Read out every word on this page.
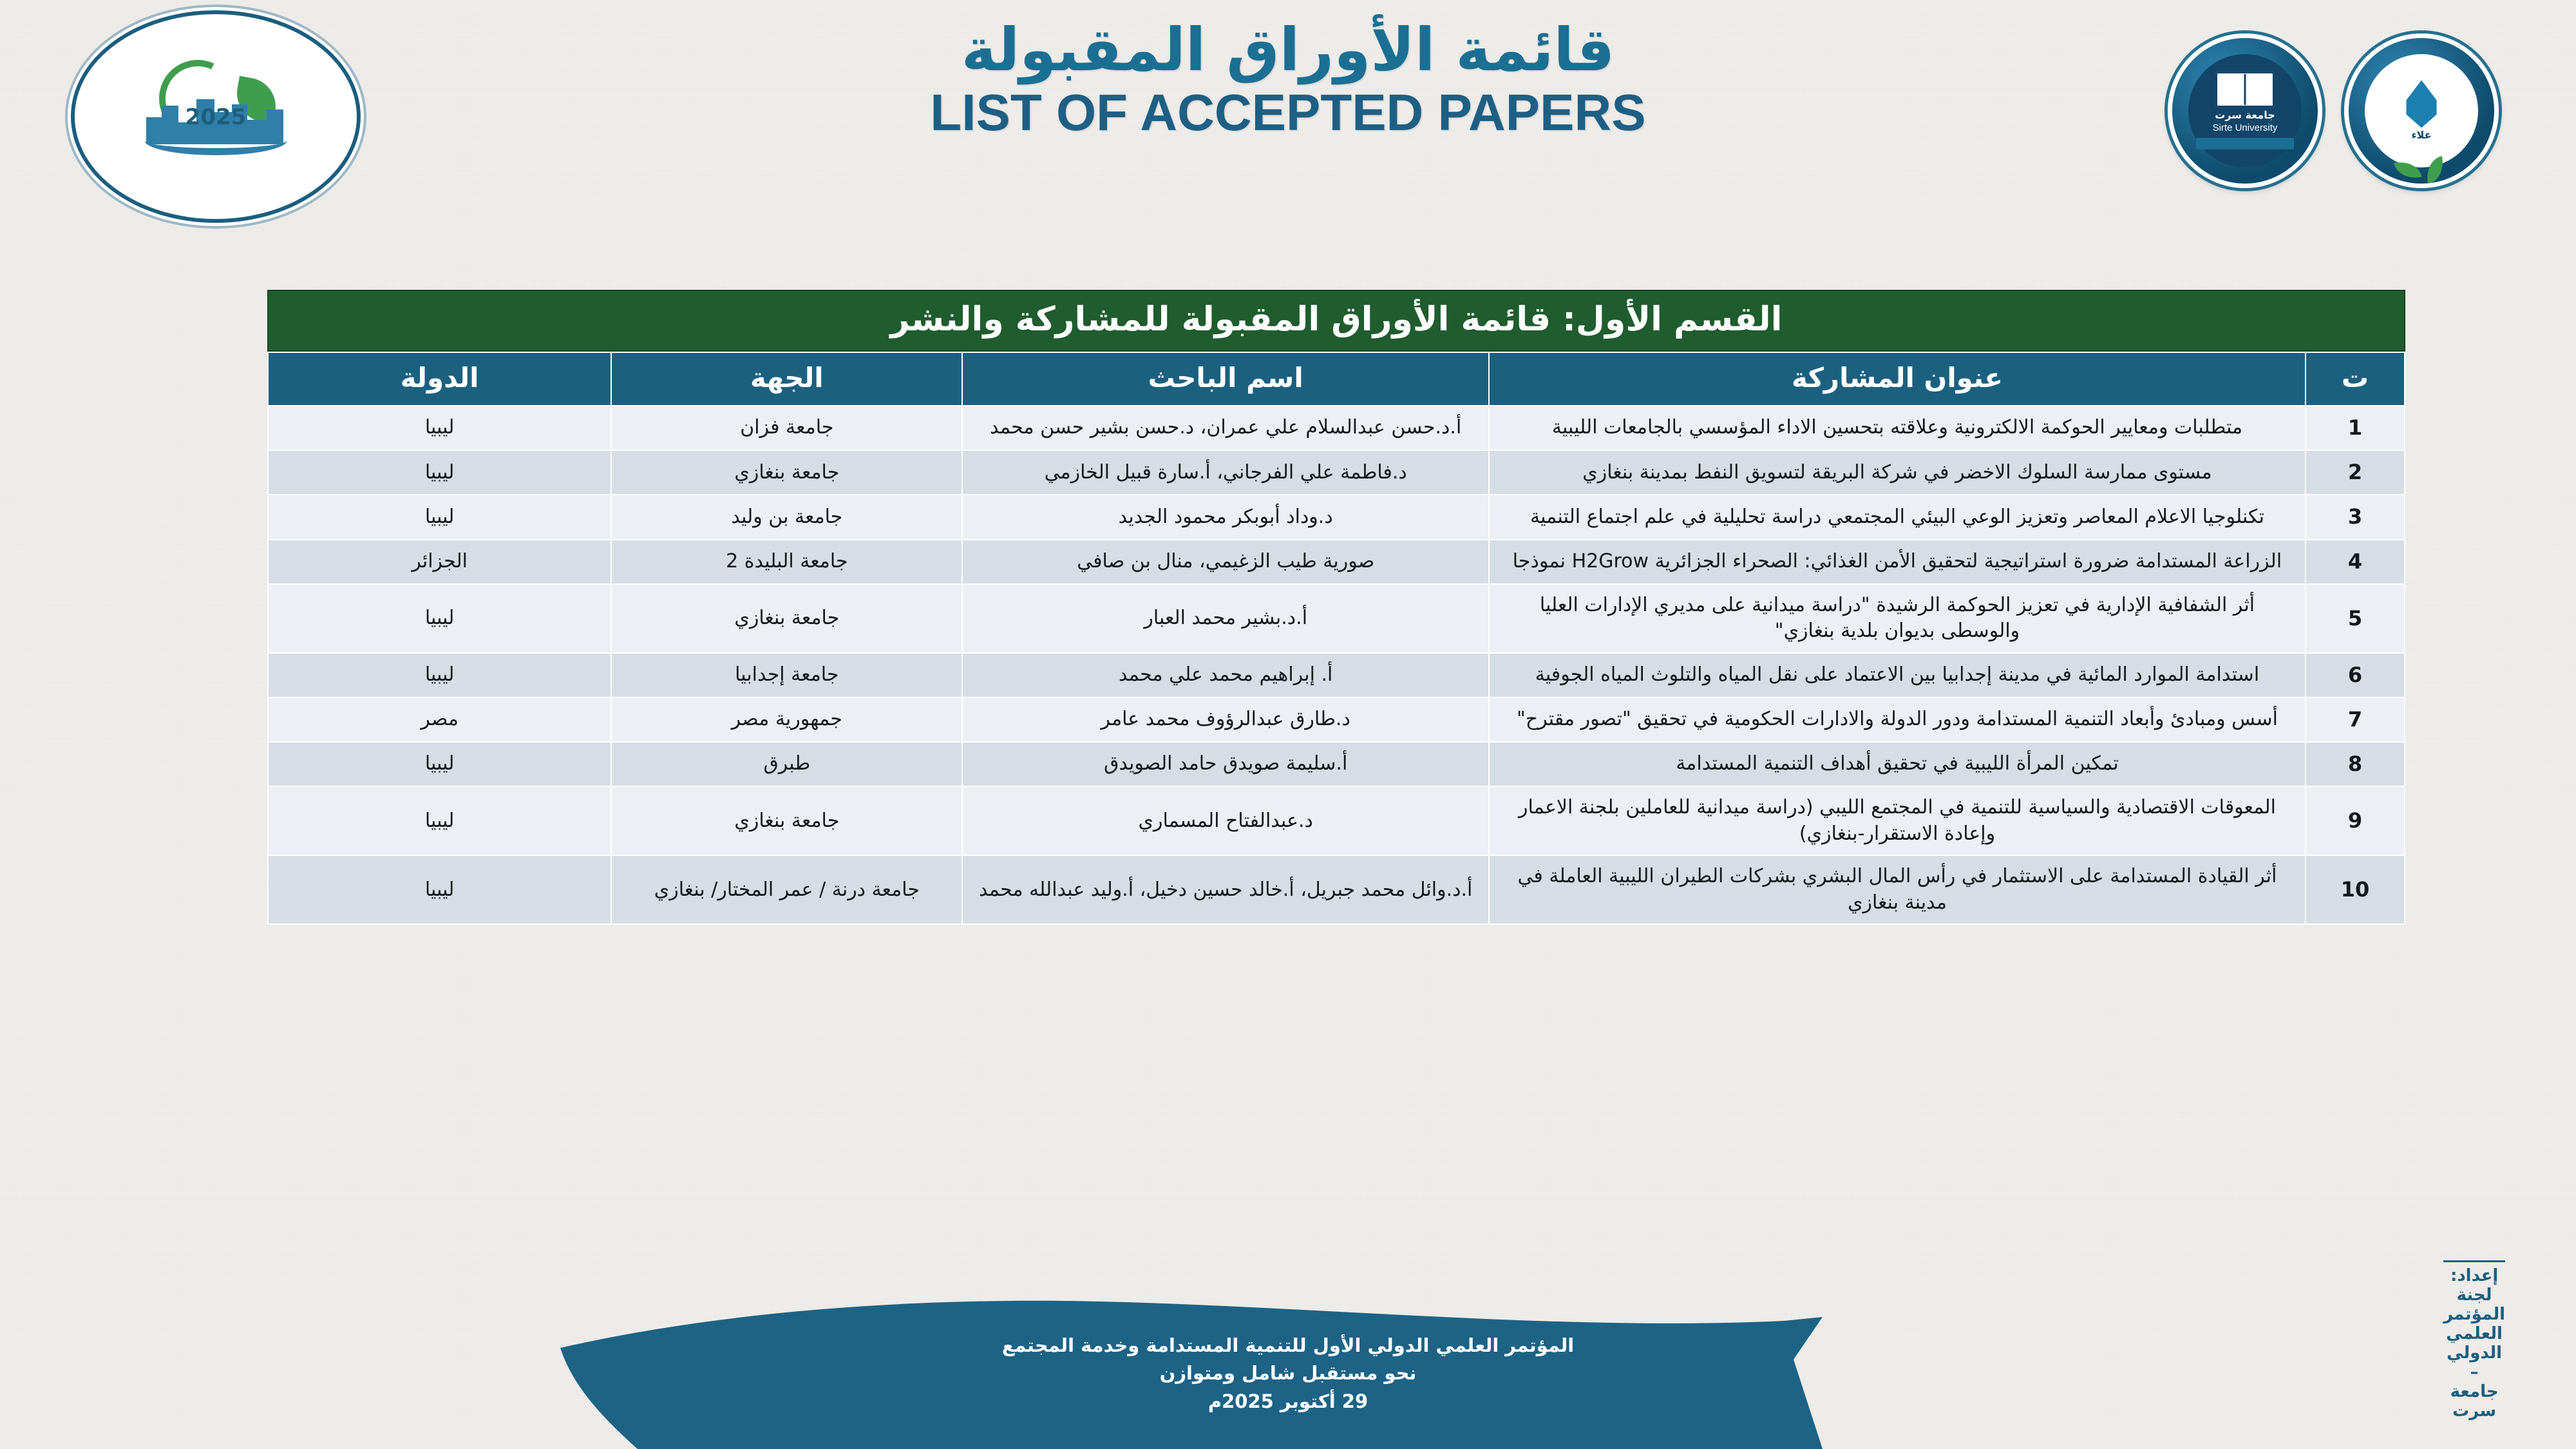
2025
قائمة الأوراق المقبولة
LIST OF ACCEPTED PAPERS	علاء
جامعة سرت
Sirte University
القسم الأول: قائمة الأوراق المقبولة للمشاركة والنشر
ت	عنوان المشاركة	اسم الباحث	الجهة	الدولة
1	متطلبات ومعايير الحوكمة الالكترونية وعلاقته بتحسين الاداء المؤسسي بالجامعات الليبية	أ.د.حسن عبدالسلام علي عمران، د.حسن بشير حسن محمد	جامعة فزان	ليبيا
2	مستوى ممارسة السلوك الاخضر في شركة البريقة لتسويق النفط بمدينة بنغازي	د.فاطمة علي الفرجاني، أ.سارة قبيل الخازمي	جامعة بنغازي	ليبيا
3	تكنلوجيا الاعلام المعاصر وتعزيز الوعي البيئي المجتمعي دراسة تحليلية في علم اجتماع التنمية	د.وداد أبوبكر محمود الجديد	جامعة بن وليد	ليبيا
4	الزراعة المستدامة ضرورة استراتيجية لتحقيق الأمن الغذائي: الصحراء الجزائرية H2Grow نموذجا	صورية طيب الزغيمي، منال بن صافي	جامعة البليدة 2	الجزائر
5	أثر الشفافية الإدارية في تعزيز الحوكمة الرشيدة "دراسة ميدانية على مديري الإدارات العليا والوسطى بديوان بلدية بنغازي"	أ.د.بشير محمد العبار	جامعة بنغازي	ليبيا
6	استدامة الموارد المائية في مدينة إجدابيا بين الاعتماد على نقل المياه والتلوث المياه الجوفية	أ. إبراهيم محمد علي محمد	جامعة إجدابيا	ليبيا
7	أسس ومبادئ وأبعاد التنمية المستدامة ودور الدولة والادارات الحكومية في تحقيق "تصور مقترح"	د.طارق عبدالرؤوف محمد عامر	جمهورية مصر	مصر
8	تمكين المرأة الليبية في تحقيق أهداف التنمية المستدامة	أ.سليمة صويدق حامد الصويدق	طبرق	ليبيا
9	المعوقات الاقتصادية والسياسية للتنمية في المجتمع الليبي (دراسة ميدانية للعاملين بلجنة الاعمار وإعادة الاستقرار-بنغازي)	د.عبدالفتاح المسماري	جامعة بنغازي	ليبيا
10	أثر القيادة المستدامة على الاستثمار في رأس المال البشري بشركات الطيران الليبية العاملة في مدينة بنغازي	أ.د.وائل محمد جبريل، أ.خالد حسين دخيل، أ.وليد عبدالله محمد	جامعة درنة / عمر المختار/ بنغازي	ليبيا
المؤتمر العلمي الدولي الأول للتنمية المستدامة وخدمة المجتمع
نحو مستقبل شامل ومتوازن
29 أكتوبر 2025م
إعداد: لجنة المؤتمر العلمي الدولي – جامعة سرت
